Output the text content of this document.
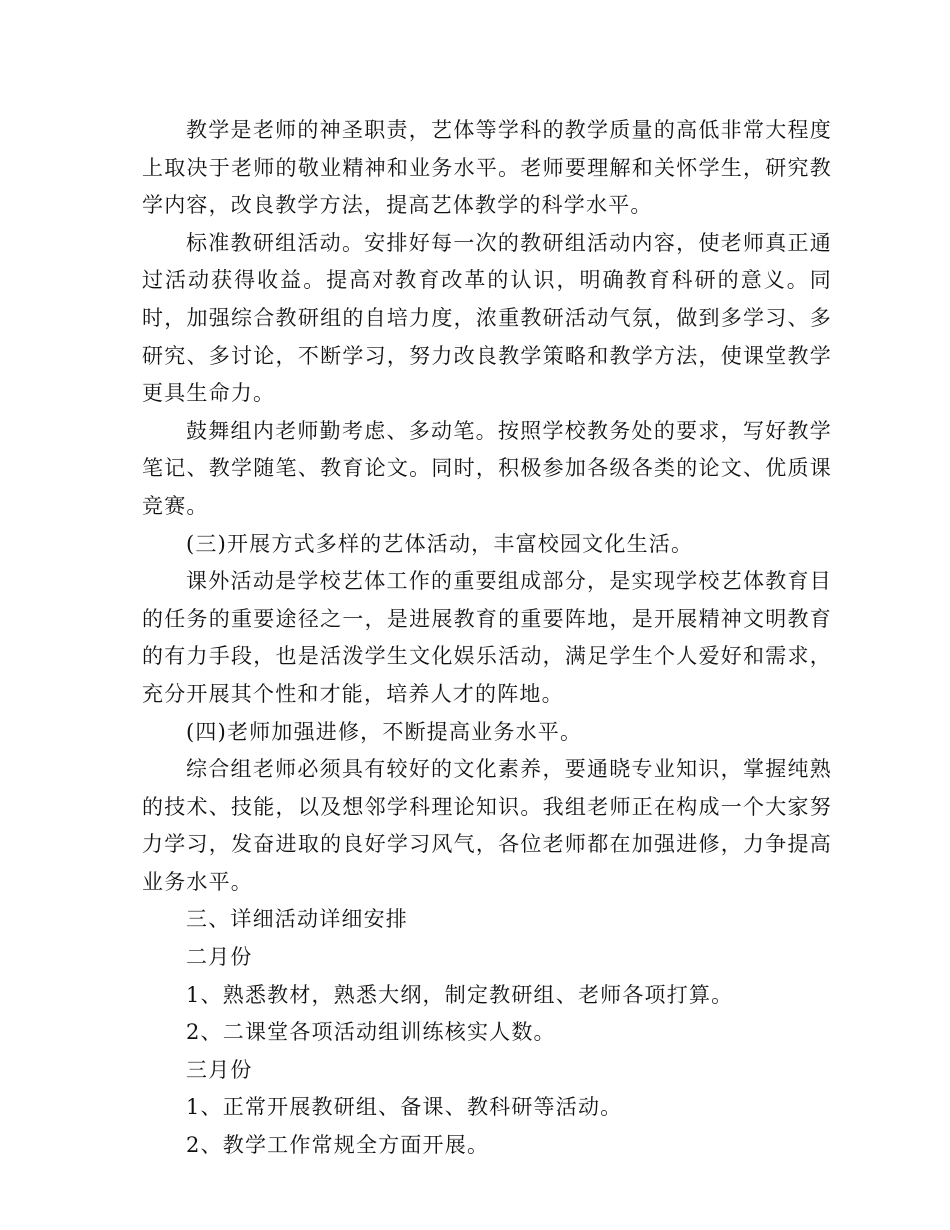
教学是老师的神圣职责，艺体等学科的教学质量的高低非常大程度上取决于老师的敬业精神和业务水平。老师要理解和关怀学生，研究教学内容，改良教学方法，提高艺体教学的科学水平。

标准教研组活动。安排好每一次的教研组活动内容，使老师真正通过活动获得收益。提高对教育改革的认识，明确教育科研的意义。同时，加强综合教研组的自培力度，浓重教研活动气氛，做到多学习、多研究、多讨论，不断学习，努力改良教学策略和教学方法，使课堂教学更具生命力。

鼓舞组内老师勤考虑、多动笔。按照学校教务处的要求，写好教学笔记、教学随笔、教育论文。同时，积极参加各级各类的论文、优质课竞赛。

(三)开展方式多样的艺体活动，丰富校园文化生活。

课外活动是学校艺体工作的重要组成部分，是实现学校艺体教育目的任务的重要途径之一，是进展教育的重要阵地，是开展精神文明教育的有力手段，也是活泼学生文化娱乐活动，满足学生个人爱好和需求，充分开展其个性和才能，培养人才的阵地。

(四)老师加强进修，不断提高业务水平。

综合组老师必须具有较好的文化素养，要通晓专业知识，掌握纯熟的技术、技能，以及想邻学科理论知识。我组老师正在构成一个大家努力学习，发奋进取的良好学习风气，各位老师都在加强进修，力争提高业务水平。

三、详细活动详细安排

二月份

1、熟悉教材，熟悉大纲，制定教研组、老师各项打算。

2、二课堂各项活动组训练核实人数。

三月份

1、正常开展教研组、备课、教科研等活动。

2、教学工作常规全方面开展。
